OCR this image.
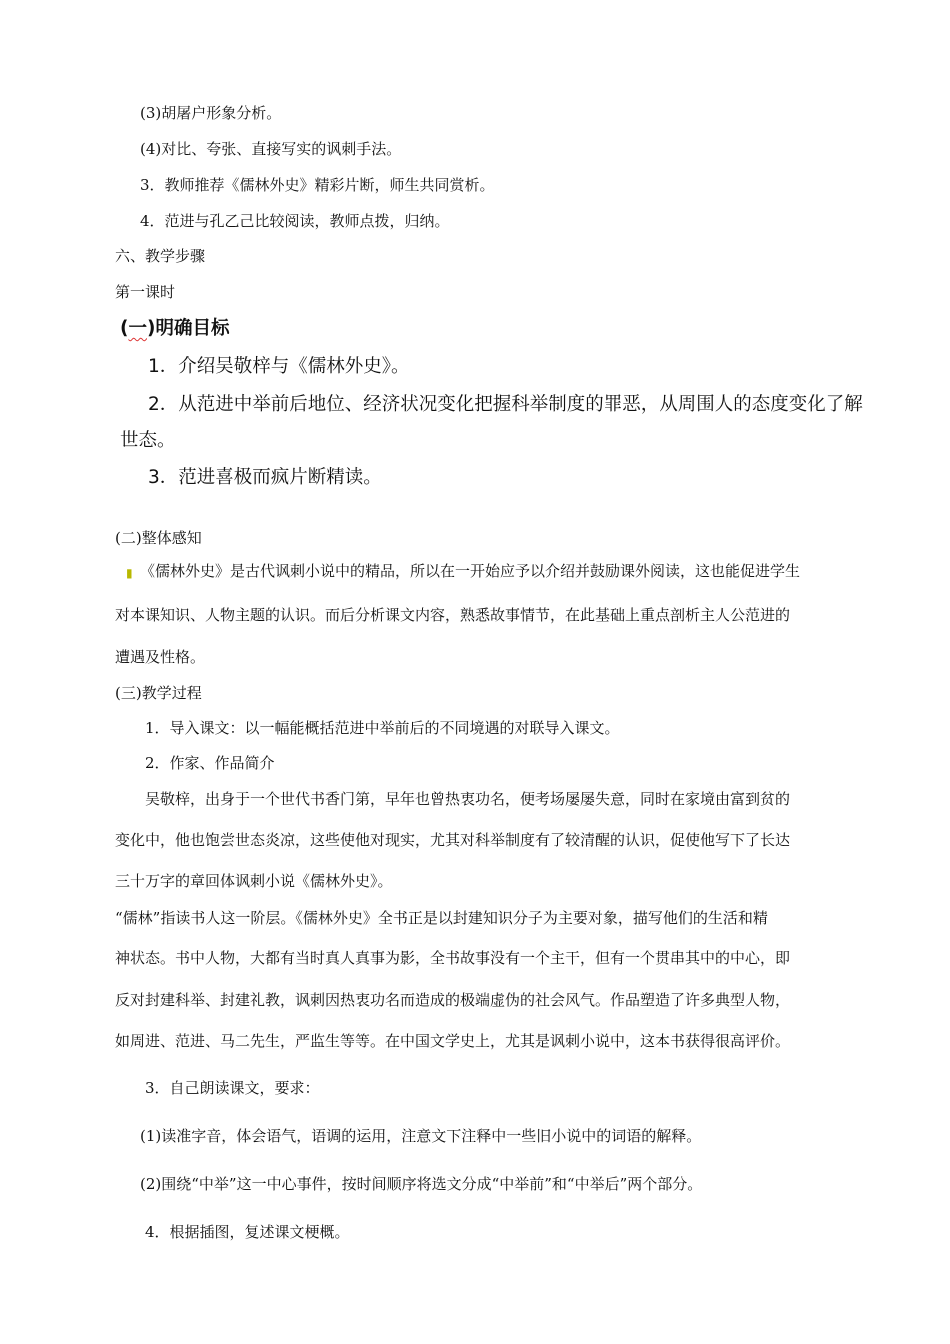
(3)胡屠户形象分析。
(4)对比、夸张、直接写实的讽刺手法。
3．教师推荐《儒林外史》精彩片断，师生共同赏析。
4．范进与孔乙己比较阅读，教师点拨，归纳。
六、教学步骤
第一课时
(一)明确目标
1．介绍吴敬梓与《儒林外史》。
2．从范进中举前后地位、经济状况变化把握科举制度的罪恶，从周围人的态度变化了解
世态。
3．范进喜极而疯片断精读。
(二)整体感知
▮ 《儒林外史》是古代讽刺小说中的精品，所以在一开始应予以介绍并鼓励课外阅读，这也能促进学生
对本课知识、人物主题的认识。而后分析课文内容，熟悉故事情节，在此基础上重点剖析主人公范进的
遭遇及性格。
(三)教学过程
1．导入课文：以一幅能概括范进中举前后的不同境遇的对联导入课文。
2．作家、作品简介
吴敬梓，出身于一个世代书香门第，早年也曾热衷功名，便考场屡屡失意，同时在家境由富到贫的
变化中，他也饱尝世态炎凉，这些使他对现实，尤其对科举制度有了较清醒的认识，促使他写下了长达
三十万字的章回体讽刺小说《儒林外史》。
“儒林”指读书人这一阶层。《儒林外史》全书正是以封建知识分子为主要对象，描写他们的生活和精
神状态。书中人物，大都有当时真人真事为影，全书故事没有一个主干，但有一个贯串其中的中心，即
反对封建科举、封建礼教，讽刺因热衷功名而造成的极端虚伪的社会风气。作品塑造了许多典型人物，
如周进、范进、马二先生，严监生等等。在中国文学史上，尤其是讽刺小说中，这本书获得很高评价。
3．自己朗读课文，要求：
(1)读准字音，体会语气，语调的运用，注意文下注释中一些旧小说中的词语的解释。
(2)围绕“中举”这一中心事件，按时间顺序将选文分成“中举前”和“中举后”两个部分。
4．根据插图，复述课文梗概。
